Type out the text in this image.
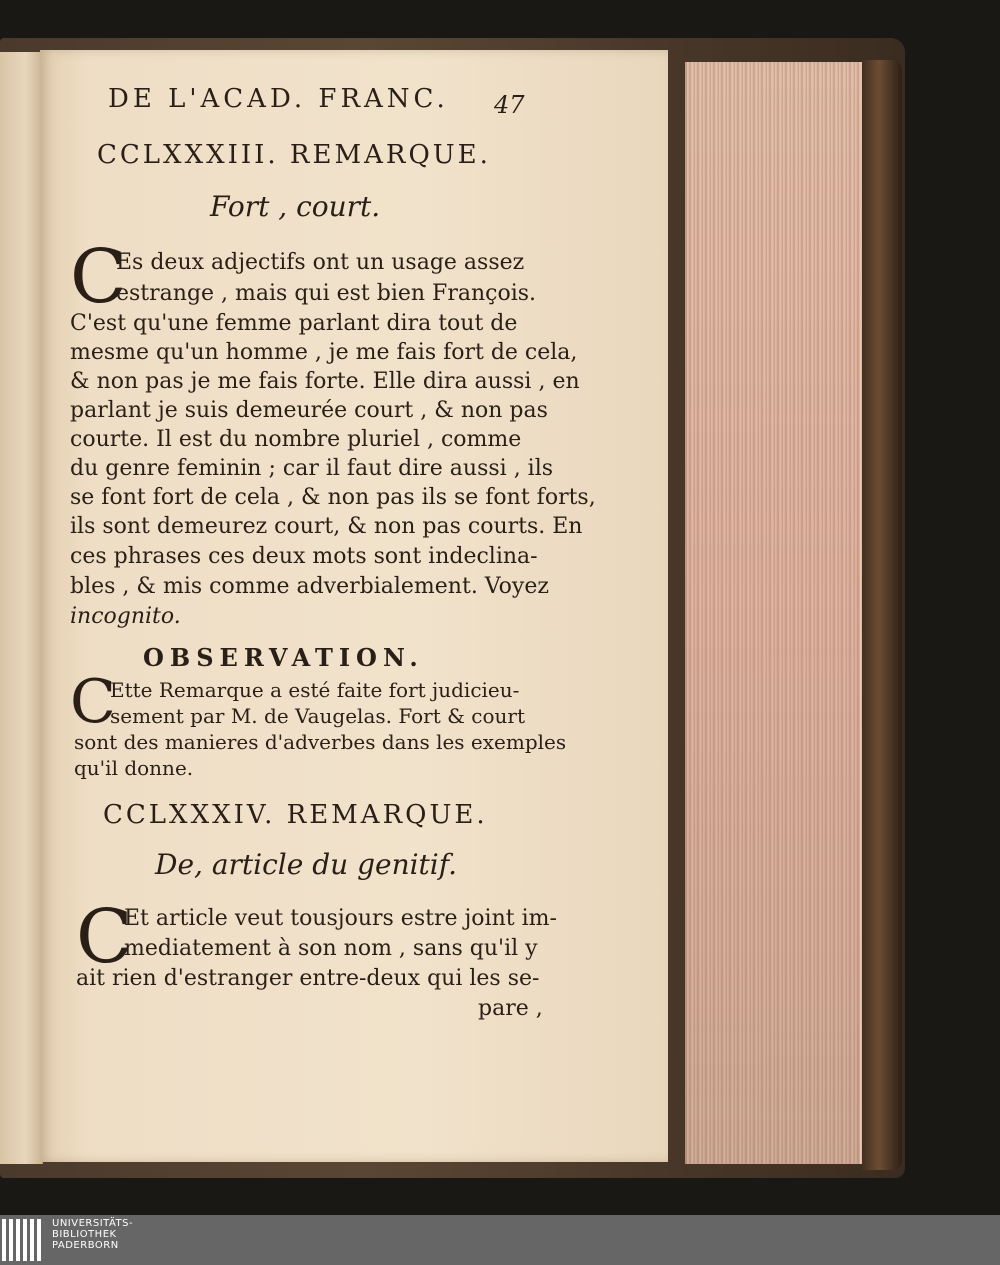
DE L'ACAD. FRANC. 47
CCLXXXIII. REMARQUE.
Fort , court.
C
Es deux adjectifs ont un usage assez
estrange , mais qui est bien François.
C'est qu'une femme parlant dira tout de
mesme qu'un homme , je me fais fort de cela,
& non pas je me fais forte. Elle dira aussi , en
parlant je suis demeurée court , & non pas
courte. Il est du nombre pluriel , comme
du genre feminin ; car il faut dire aussi , ils
se font fort de cela , & non pas ils se font forts,
ils sont demeurez court, & non pas courts. En
ces phrases ces deux mots sont indeclina-
bles , & mis comme adverbialement. Voyez
incognito.
OBSERVATION.
C
Ette Remarque a esté faite fort judicieu-
sement par M. de Vaugelas. Fort & court
sont des manieres d'adverbes dans les exemples
qu'il donne.
CCLXXXIV. REMARQUE.
De, article du genitif.
C
Et article veut tousjours estre joint im-
mediatement à son nom , sans qu'il y
ait rien d'estranger entre-deux qui les se-
pare ,
UNIVERSITÄTS-
BIBLIOTHEK
PADERBORN
